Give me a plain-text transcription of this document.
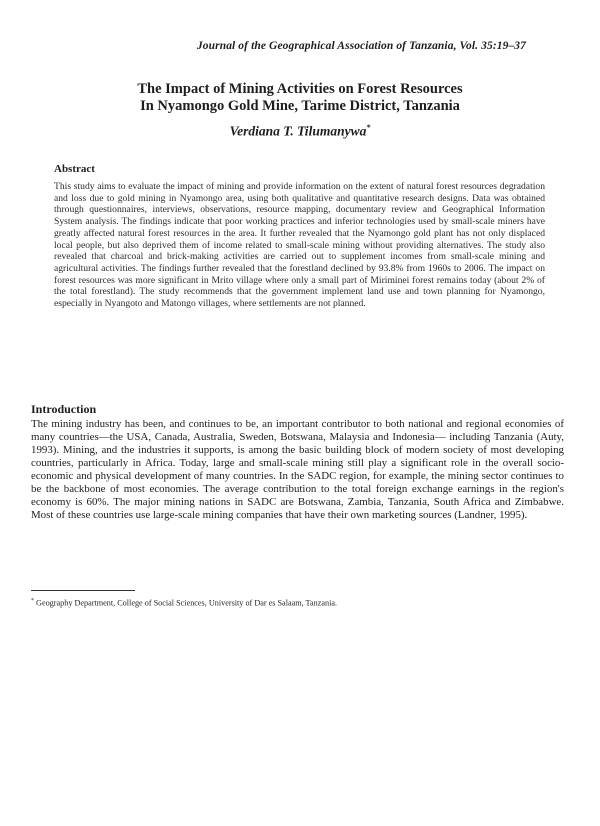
Journal of the Geographical Association of Tanzania, Vol. 35:19–37
The Impact of Mining Activities on Forest Resources
In Nyamongo Gold Mine, Tarime District, Tanzania
Verdiana T. Tilumanywa*
Abstract
This study aims to evaluate the impact of mining and provide information on the extent of natural forest resources degradation and loss due to gold mining in Nyamongo area, using both qualitative and quantitative research designs. Data was obtained through questionnaires, interviews, observations, resource mapping, documentary review and Geographical Information System analysis. The findings indicate that poor working practices and inferior technologies used by small-scale miners have greatly affected natural forest resources in the area. It further revealed that the Nyamongo gold plant has not only displaced local people, but also deprived them of income related to small-scale mining without providing alternatives. The study also revealed that charcoal and brick-making activities are carried out to supplement incomes from small-scale mining and agricultural activities. The findings further revealed that the forestland declined by 93.8% from 1960s to 2006. The impact on forest resources was more significant in Mrito village where only a small part of Miriminei forest remains today (about 2% of the total forestland). The study recommends that the government implement land use and town planning for Nyamongo, especially in Nyangoto and Matongo villages, where settlements are not planned.
Introduction
The mining industry has been, and continues to be, an important contributor to both national and regional economies of many countries—the USA, Canada, Australia, Sweden, Botswana, Malaysia and Indonesia— including Tanzania (Auty, 1993). Mining, and the industries it supports, is among the basic building block of modern society of most developing countries, particularly in Africa. Today, large and small-scale mining still play a significant role in the overall socio-economic and physical development of many countries. In the SADC region, for example, the mining sector continues to be the backbone of most economies. The average contribution to the total foreign exchange earnings in the region's economy is 60%. The major mining nations in SADC are Botswana, Zambia, Tanzania, South Africa and Zimbabwe. Most of these countries use large-scale mining companies that have their own marketing sources (Landner, 1995).
* Geography Department, College of Social Sciences, University of Dar es Salaam, Tanzania.
